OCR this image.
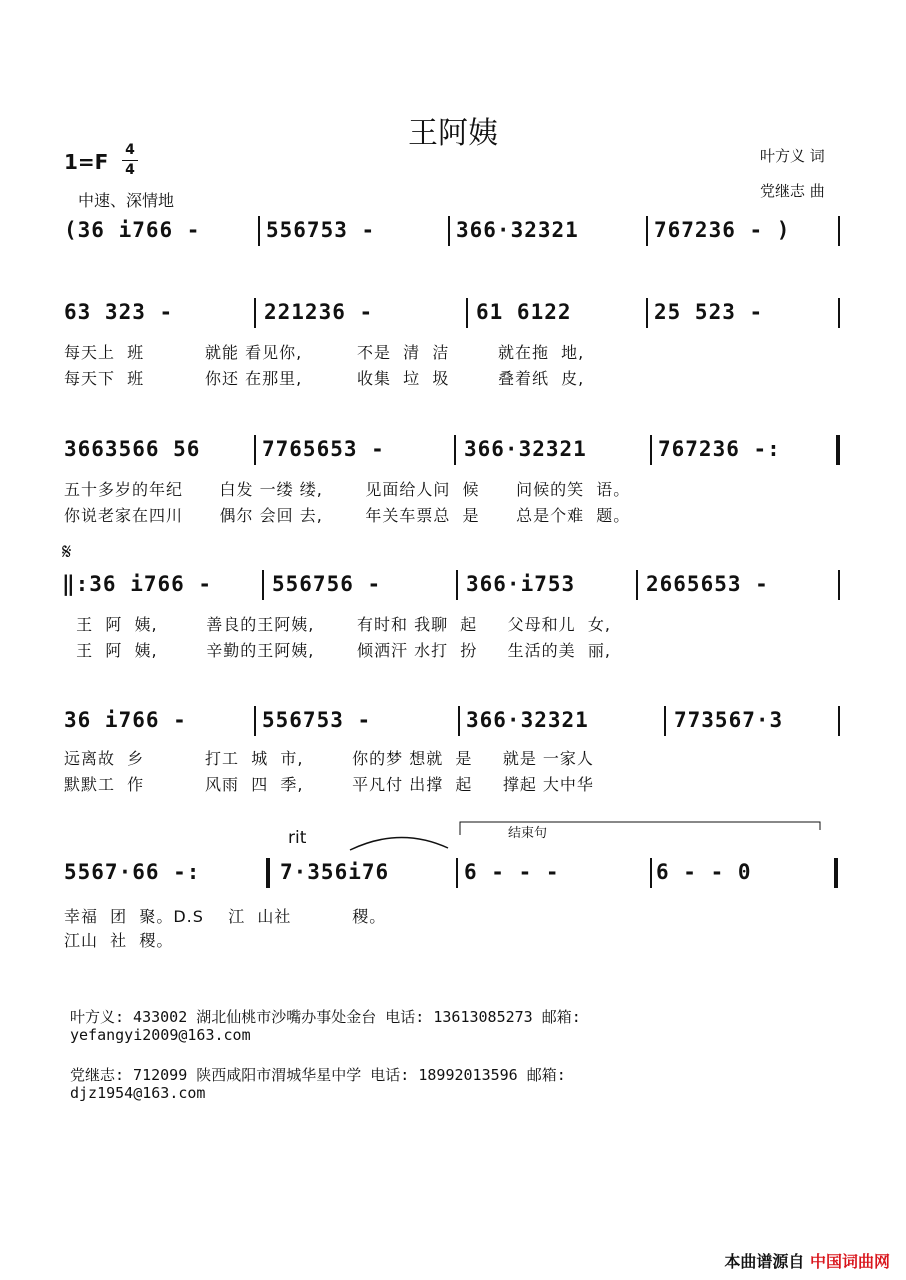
王阿姨
1=F 4
4
中速、深情地
叶方义 词
党继志 曲
(36 i766 -	556753 -	366·32321	767236 - )
63 323 -	221236 -	61 6122	25 523 -
每天上  班          就能 看见你,         不是  清  洁        就在拖  地,
每天下  班          你还 在那里,         收集  垃  圾        叠着纸  皮,
3663566 56	7765653 -	366·32321	767236 -:
五十多岁的年纪      白发 一缕 缕,       见面给人问  候      问候的笑  语。
你说老家在四川      偶尔 会回 去,       年关车票总  是      总是个难  题。
𝄋
‖:36 i766 -	556756 -	366·i753	2665653 -
王  阿  姨,        善良的王阿姨,       有时和 我聊  起     父母和儿  女,
王  阿  姨,        辛勤的王阿姨,       倾洒汗 水打  扮     生活的美  丽,
36 i766 -	556753 -	366·32321	773567·3
远离故  乡          打工  城  市,        你的梦 想就  是     就是 一家人
默默工  作          风雨  四  季,        平凡付 出撑  起     撑起 大中华
rit	结束句
5567·66 -:	7·356i76	6 - - -	6 - - 0
幸福  团  聚。D.S    江  山社          稷。
江山  社  稷。
叶方义: 433002 湖北仙桃市沙嘴办事处金台 电话: 13613085273 邮箱:
yefangyi2009@163.com
党继志: 712099 陕西咸阳市渭城华星中学 电话: 18992013596 邮箱:
djz1954@163.com
本曲谱源自 中国词曲网
